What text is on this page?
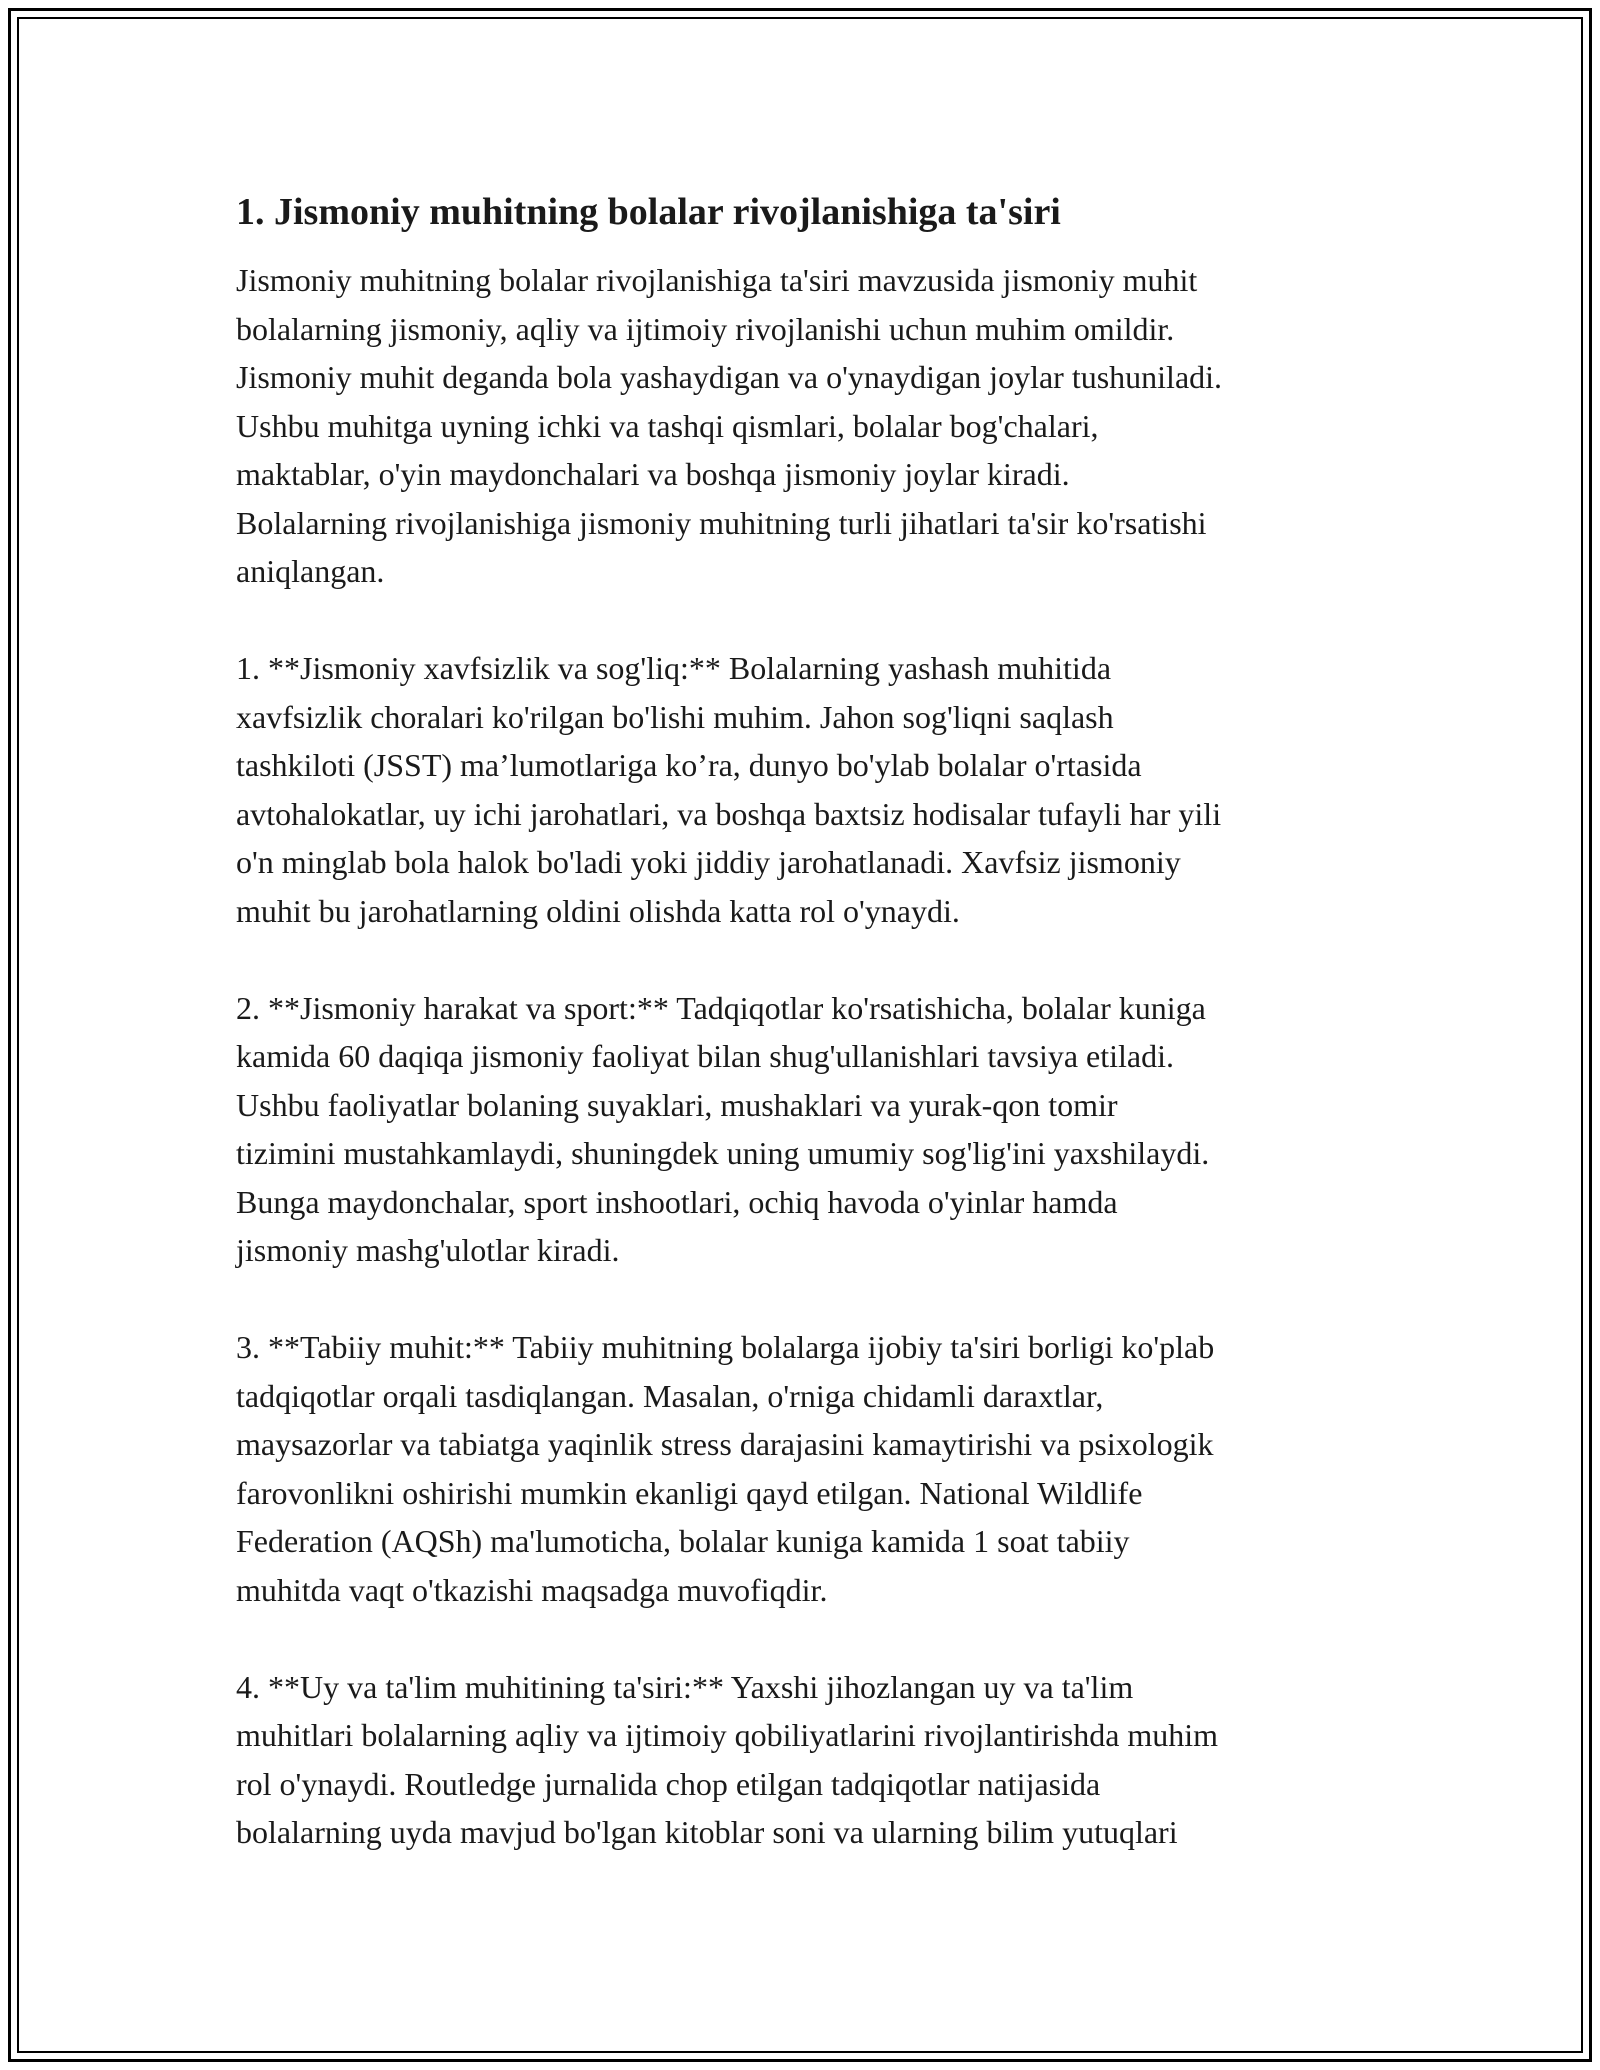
1. Jismoniy muhitning bolalar rivojlanishiga ta'siri
Jismoniy muhitning bolalar rivojlanishiga ta'siri mavzusida jismoniy muhit
bolalarning jismoniy, aqliy va ijtimoiy rivojlanishi uchun muhim omildir.
Jismoniy muhit deganda bola yashaydigan va o'ynaydigan joylar tushuniladi.
Ushbu muhitga uyning ichki va tashqi qismlari, bolalar bog'chalari,
maktablar, o'yin maydonchalari va boshqa jismoniy joylar kiradi.
Bolalarning rivojlanishiga jismoniy muhitning turli jihatlari ta'sir ko'rsatishi
aniqlangan.
1. **Jismoniy xavfsizlik va sog'liq:** Bolalarning yashash muhitida
xavfsizlik choralari ko'rilgan bo'lishi muhim. Jahon sog'liqni saqlash
tashkiloti (JSST) ma’lumotlariga ko’ra, dunyo bo'ylab bolalar o'rtasida
avtohalokatlar, uy ichi jarohatlari, va boshqa baxtsiz hodisalar tufayli har yili
o'n minglab bola halok bo'ladi yoki jiddiy jarohatlanadi. Xavfsiz jismoniy
muhit bu jarohatlarning oldini olishda katta rol o'ynaydi.
2. **Jismoniy harakat va sport:** Tadqiqotlar ko'rsatishicha, bolalar kuniga
kamida 60 daqiqa jismoniy faoliyat bilan shug'ullanishlari tavsiya etiladi.
Ushbu faoliyatlar bolaning suyaklari, mushaklari va yurak-qon tomir
tizimini mustahkamlaydi, shuningdek uning umumiy sog'lig'ini yaxshilaydi.
Bunga maydonchalar, sport inshootlari, ochiq havoda o'yinlar hamda
jismoniy mashg'ulotlar kiradi.
3. **Tabiiy muhit:** Tabiiy muhitning bolalarga ijobiy ta'siri borligi ko'plab
tadqiqotlar orqali tasdiqlangan. Masalan, o'rniga chidamli daraxtlar,
maysazorlar va tabiatga yaqinlik stress darajasini kamaytirishi va psixologik
farovonlikni oshirishi mumkin ekanligi qayd etilgan. National Wildlife
Federation (AQSh) ma'lumoticha, bolalar kuniga kamida 1 soat tabiiy
muhitda vaqt o'tkazishi maqsadga muvofiqdir.
4. **Uy va ta'lim muhitining ta'siri:** Yaxshi jihozlangan uy va ta'lim
muhitlari bolalarning aqliy va ijtimoiy qobiliyatlarini rivojlantirishda muhim
rol o'ynaydi. Routledge jurnalida chop etilgan tadqiqotlar natijasida
bolalarning uyda mavjud bo'lgan kitoblar soni va ularning bilim yutuqlari
